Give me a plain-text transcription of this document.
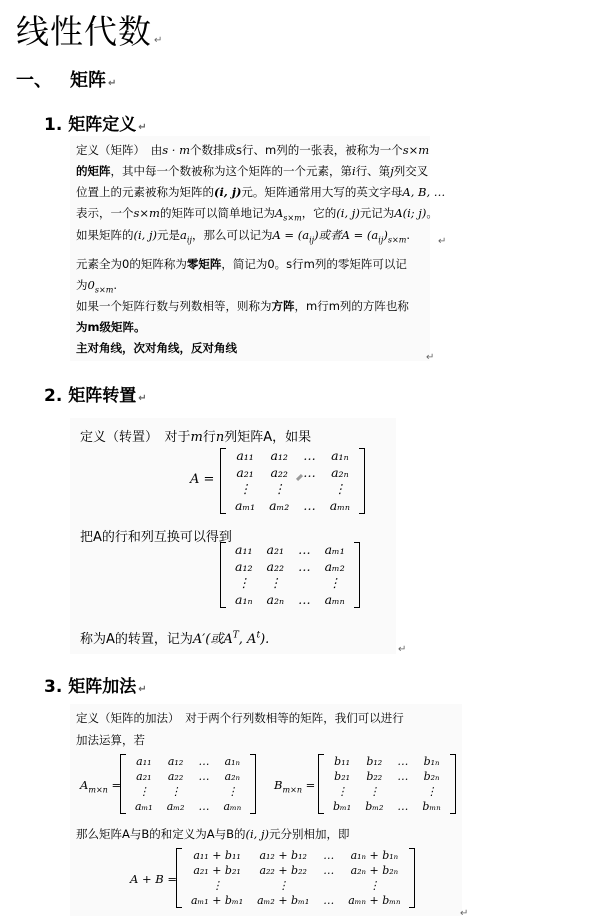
线性代数 ↵
一、 矩阵 ↵
1. 矩阵定义 ↵
定义（矩阵）　由s · m个数排成s行、m列的一张表，被称为一个s×m
的矩阵，其中每一个数被称为这个矩阵的一个元素，第i行、第j列交叉
位置上的元素被称为矩阵的(i, j)元。矩阵通常用大写的英文字母A, B, …
表示，一个s×m的矩阵可以简单地记为$A_{s\times m}$，它的(i, j)元记为A(i; j)。
如果矩阵的(i, j)元是$a_{ij}$，那么可以记为$A = (a_{ij})$或者$A = (a_{ij})_{s\times m}$.
元素全为0的矩阵称为零矩阵，简记为0。s行m列的零矩阵可以记
为$0_{s\times m}$.
如果一个矩阵行数与列数相等，则称为方阵，m行m列的方阵也称
为m级矩阵。
主对角线，次对角线，反对角线
↵
↵
2. 矩阵转置 ↵
定义（转置）　对于m行n列矩阵A，如果
A =
a₁₁	a₁₂	…	a₁ₙ
a₂₁	a₂₂	…	a₂ₙ
⋮	⋮		⋮
aₘ₁	aₘ₂	…	aₘₙ
把A的行和列互换可以得到
a₁₁	a₂₁	…	aₘ₁
a₁₂	a₂₂	…	aₘ₂
⋮	⋮		⋮
a₁ₙ	a₂ₙ	…	aₘₙ
称为A的转置，记为A′(或$A^T$, $A^t$).
↵
3. 矩阵加法 ↵
定义（矩阵的加法）　对于两个行列数相等的矩阵，我们可以进行
加法运算，若
$A_{m\times n}$ =
a₁₁	a₁₂	…	a₁ₙ
a₂₁	a₂₂	…	a₂ₙ
⋮	⋮		⋮
aₘ₁	aₘ₂	…	aₘₙ
$B_{m\times n}$ =
b₁₁	b₁₂	…	b₁ₙ
b₂₁	b₂₂	…	b₂ₙ
⋮	⋮		⋮
bₘ₁	bₘ₂	…	bₘₙ
那么矩阵A与B的和定义为A与B的(i, j)元分别相加，即
A + B =
a₁₁ + b₁₁	a₁₂ + b₁₂	…	a₁ₙ + b₁ₙ
a₂₁ + b₂₁	a₂₂ + b₂₂	…	a₂ₙ + b₂ₙ
⋮	⋮		⋮
aₘ₁ + bₘ₁	aₘ₂ + bₘ₁	…	aₘₙ + bₘₙ
↵
